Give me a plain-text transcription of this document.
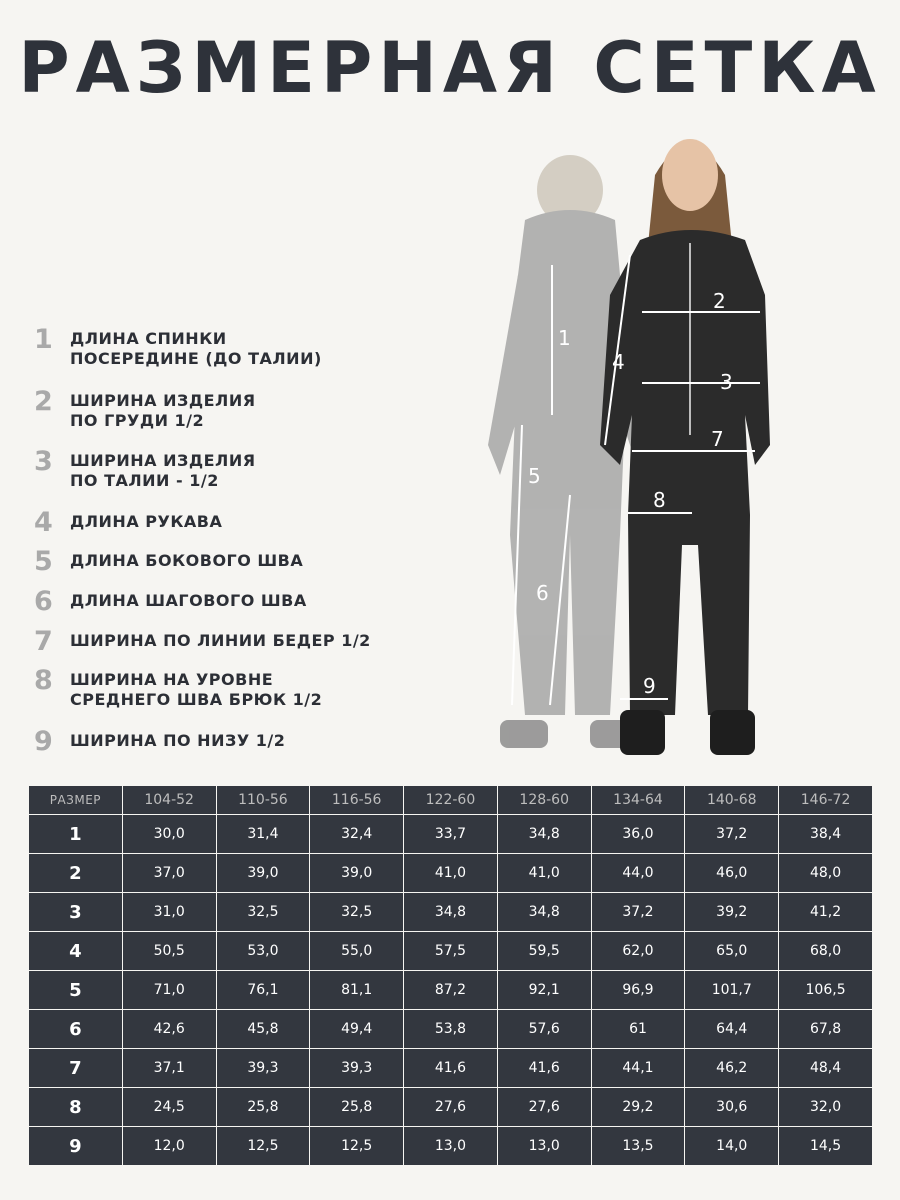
РАЗМЕРНАЯ СЕТКА
1	ДЛИНА СПИНКИ
ПОСЕРЕДИНЕ (ДО ТАЛИИ)
2	ШИРИНА ИЗДЕЛИЯ
ПО ГРУДИ 1/2
3	ШИРИНА ИЗДЕЛИЯ
ПО ТАЛИИ - 1/2
4	ДЛИНА РУКАВА
5	ДЛИНА БОКОВОГО ШВА
6	ДЛИНА ШАГОВОГО ШВА
7	ШИРИНА ПО ЛИНИИ БЕДЕР 1/2
8	ШИРИНА НА УРОВНЕ
СРЕДНЕГО ШВА БРЮК 1/2
9	ШИРИНА ПО НИЗУ 1/2
1
2
3
4
5
6
7
8
9
РАЗМЕР	104-52	110-56	116-56	122-60	128-60	134-64	140-68	146-72
1	30,0	31,4	32,4	33,7	34,8	36,0	37,2	38,4
2	37,0	39,0	39,0	41,0	41,0	44,0	46,0	48,0
3	31,0	32,5	32,5	34,8	34,8	37,2	39,2	41,2
4	50,5	53,0	55,0	57,5	59,5	62,0	65,0	68,0
5	71,0	76,1	81,1	87,2	92,1	96,9	101,7	106,5
6	42,6	45,8	49,4	53,8	57,6	61	64,4	67,8
7	37,1	39,3	39,3	41,6	41,6	44,1	46,2	48,4
8	24,5	25,8	25,8	27,6	27,6	29,2	30,6	32,0
9	12,0	12,5	12,5	13,0	13,0	13,5	14,0	14,5
